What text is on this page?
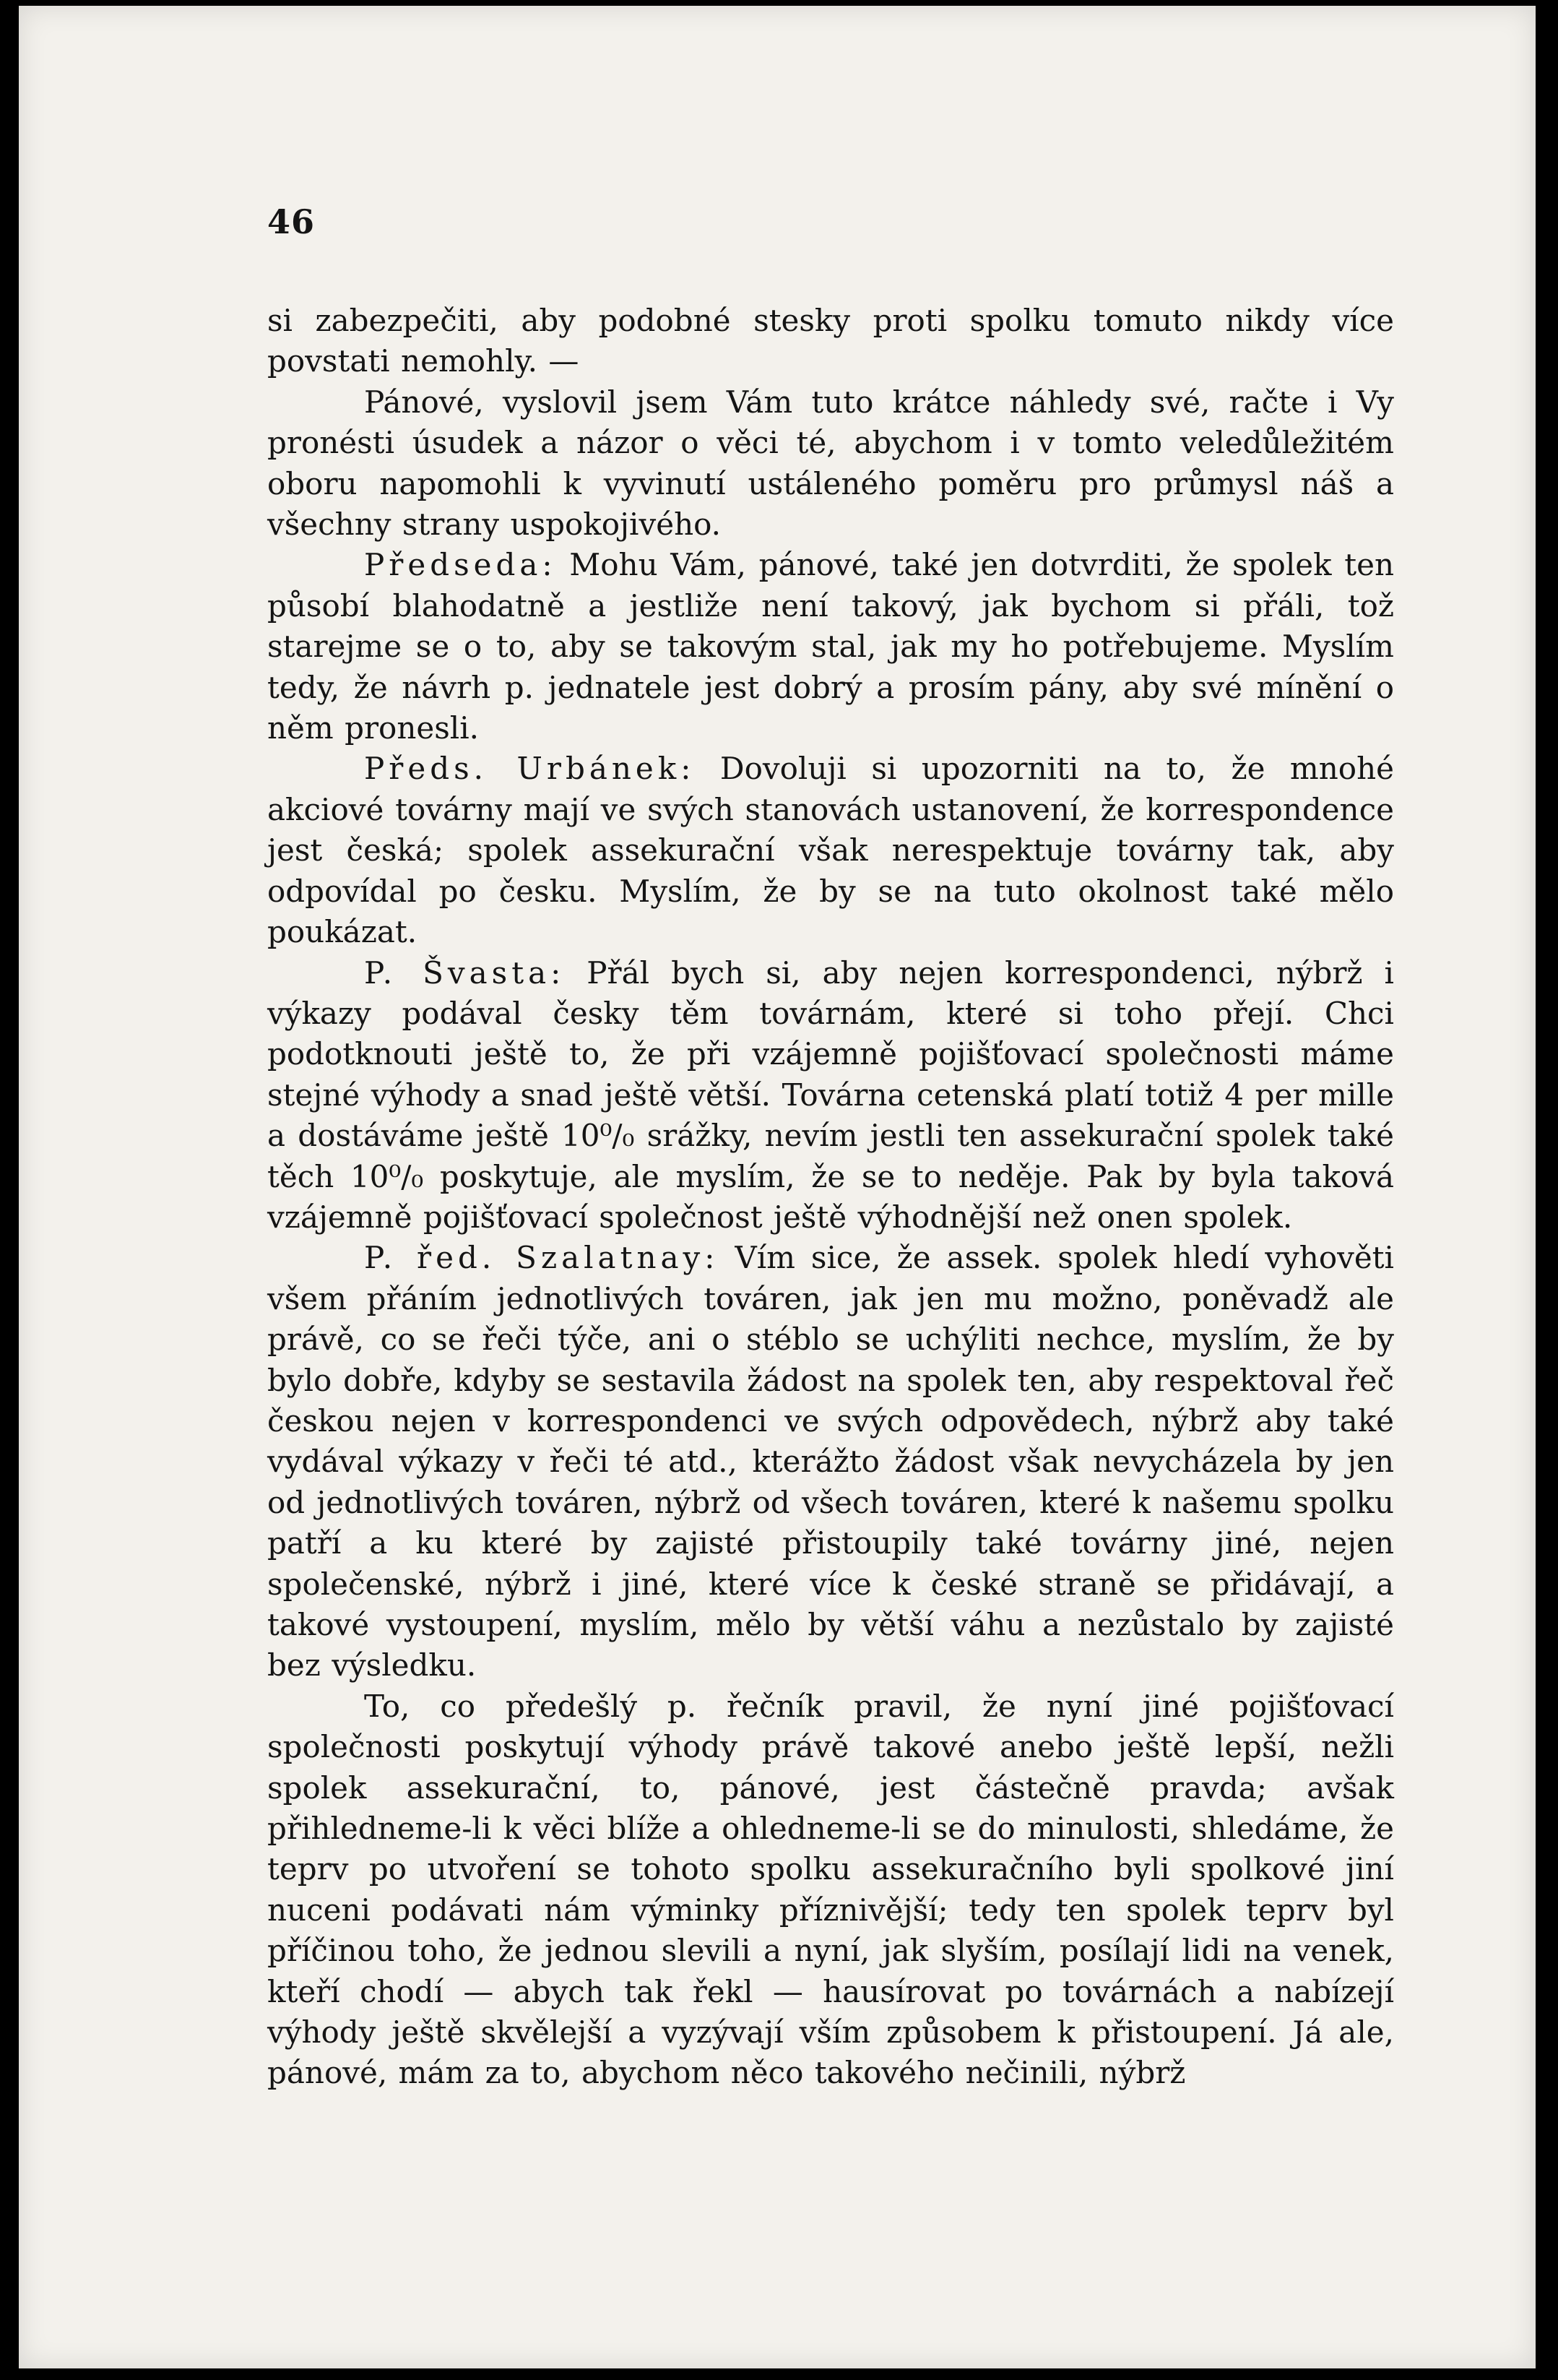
46

si zabezpečiti, aby podobné stesky proti spolku tomuto nikdy více povstati nemohly. —

Pánové, vyslovil jsem Vám tuto krátce náhledy své, račte i Vy pronésti úsudek a názor o věci té, abychom i v tomto veledůležitém oboru napomohli k vyvinutí ustáleného poměru pro průmysl náš a všechny strany uspokojivého.

Předseda: Mohu Vám, pánové, také jen dotvrditi, že spolek ten působí blahodatně a jestliže není takový, jak bychom si přáli, tož starejme se o to, aby se takovým stal, jak my ho potřebujeme. Myslím tedy, že návrh p. jednatele jest dobrý a prosím pány, aby své mínění o něm pronesli.

Předs. Urbánek: Dovoluji si upozorniti na to, že mnohé akciové továrny mají ve svých stanovách ustanovení, že korrespondence jest česká; spolek assekurační však nerespektuje továrny tak, aby odpovídal po česku. Myslím, že by se na tuto okolnost také mělo poukázat.

P. Švasta: Přál bych si, aby nejen korrespondenci, nýbrž i výkazy podával česky těm továrnám, které si toho přejí. Chci podotknouti ještě to, že při vzájemně pojišťovací společnosti máme stejné výhody a snad ještě větší. Továrna cetenská platí totiž 4 per mille a dostáváme ještě 10⁰/₀ srážky, nevím jestli ten assekurační spolek také těch 10⁰/₀ poskytuje, ale myslím, že se to neděje. Pak by byla taková vzájemně pojišťovací společnost ještě výhodnější než onen spolek.

P. řed. Szalatnay: Vím sice, že assek. spolek hledí vyhověti všem přáním jednotlivých továren, jak jen mu možno, poněvadž ale právě, co se řeči týče, ani o stéblo se uchýliti nechce, myslím, že by bylo dobře, kdyby se sestavila žádost na spolek ten, aby respektoval řeč českou nejen v korrespondenci ve svých odpovědech, nýbrž aby také vydával výkazy v řeči té atd., kterážto žádost však nevycházela by jen od jednotlivých továren, nýbrž od všech továren, které k našemu spolku patří a ku které by zajisté přistoupily také továrny jiné, nejen společenské, nýbrž i jiné, které více k české straně se přidávají, a takové vystoupení, myslím, mělo by větší váhu a nezůstalo by zajisté bez výsledku.

To, co předešlý p. řečník pravil, že nyní jiné pojišťovací společnosti poskytují výhody právě takové anebo ještě lepší, nežli spolek assekurační, to, pánové, jest částečně pravda; avšak přihledneme-li k věci blíže a ohledneme-li se do minulosti, shledáme, že teprv po utvoření se tohoto spolku assekuračního byli spolkové jiní nuceni podávati nám výminky příznivější; tedy ten spolek teprv byl příčinou toho, že jednou slevili a nyní, jak slyším, posílají lidi na venek, kteří chodí — abych tak řekl — hausírovat po továrnách a nabízejí výhody ještě skvělejší a vyzývají vším způsobem k přistoupení. Já ale, pánové, mám za to, abychom něco takového nečinili, nýbrž
